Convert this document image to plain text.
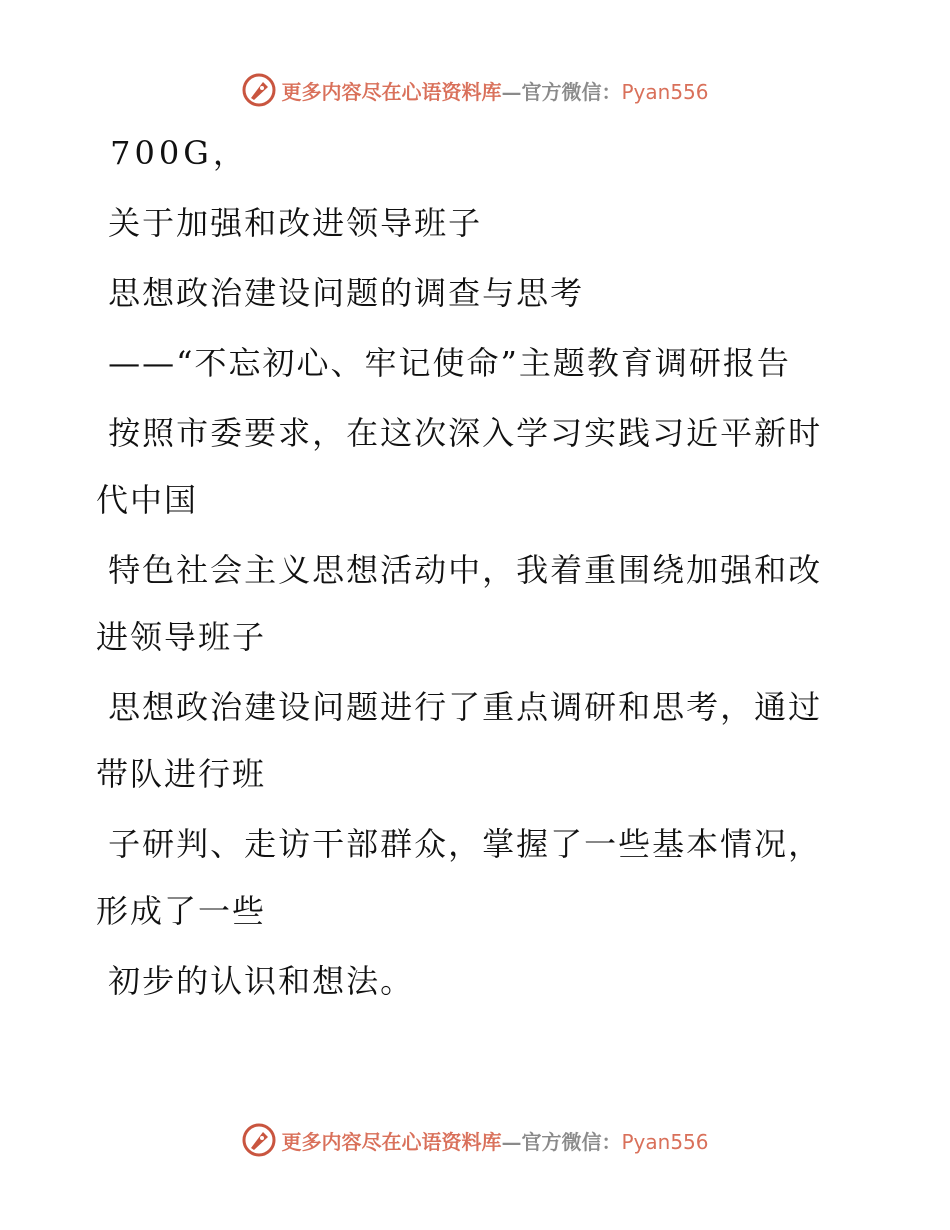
更多内容尽在心语资料库—官方微信：Pyan556

700G，

关于加强和改进领导班子

思想政治建设问题的调查与思考

——“不忘初心、牢记使命”主题教育调研报告

按照市委要求，在这次深入学习实践习近平新时代中国

特色社会主义思想活动中，我着重围绕加强和改进领导班子

思想政治建设问题进行了重点调研和思考，通过带队进行班

子研判、走访干部群众，掌握了一些基本情况，形成了一些

初步的认识和想法。

更多内容尽在心语资料库—官方微信：Pyan556
